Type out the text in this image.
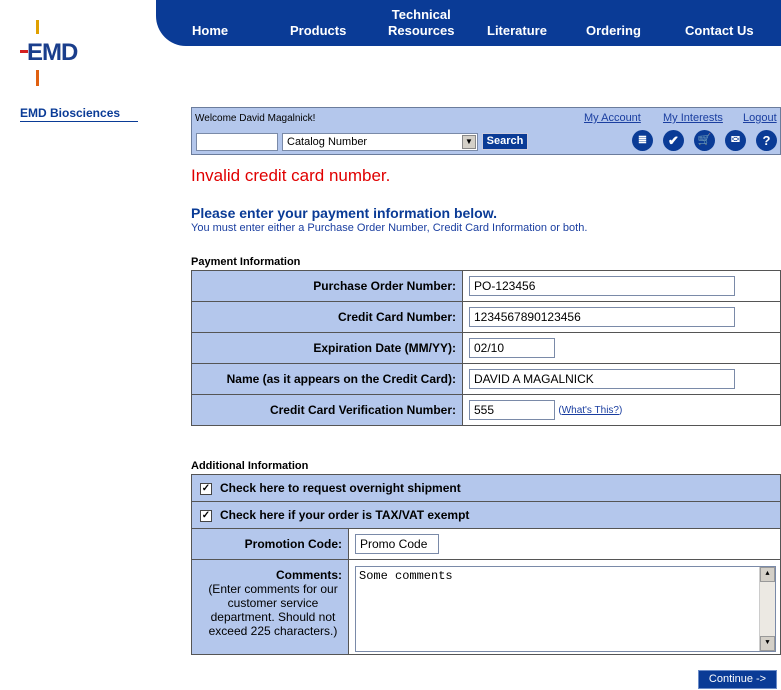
EMD
Home	Products
Technical
Resources	Literature	Ordering	Contact Us
EMD Biosciences	Welcome David Magalnick!	My Account My Interests Logout
Catalog Number	▼	Search	≣	✔	🛒	✉	?
Invalid credit card number.
Please enter your payment information below.
You must enter either a Purchase Order Number, Credit Card Information or both.
Payment Information
Purchase Order Number:	PO-123456
Credit Card Number:	1234567890123456
Expiration Date (MM/YY):	02/10
Name (as it appears on the Credit Card):	DAVID A MAGALNICK
Credit Card Verification Number:	555 (What's This?)
Additional Information
✓ Check here to request overnight shipment	
✓ Check here if your order is TAX/VAT exempt	
Promotion Code:	Promo Code

Comments:
(Enter comments for our customer service department. Should not exceed 225 characters.)

Some comments	▲
▼
Continue ->
